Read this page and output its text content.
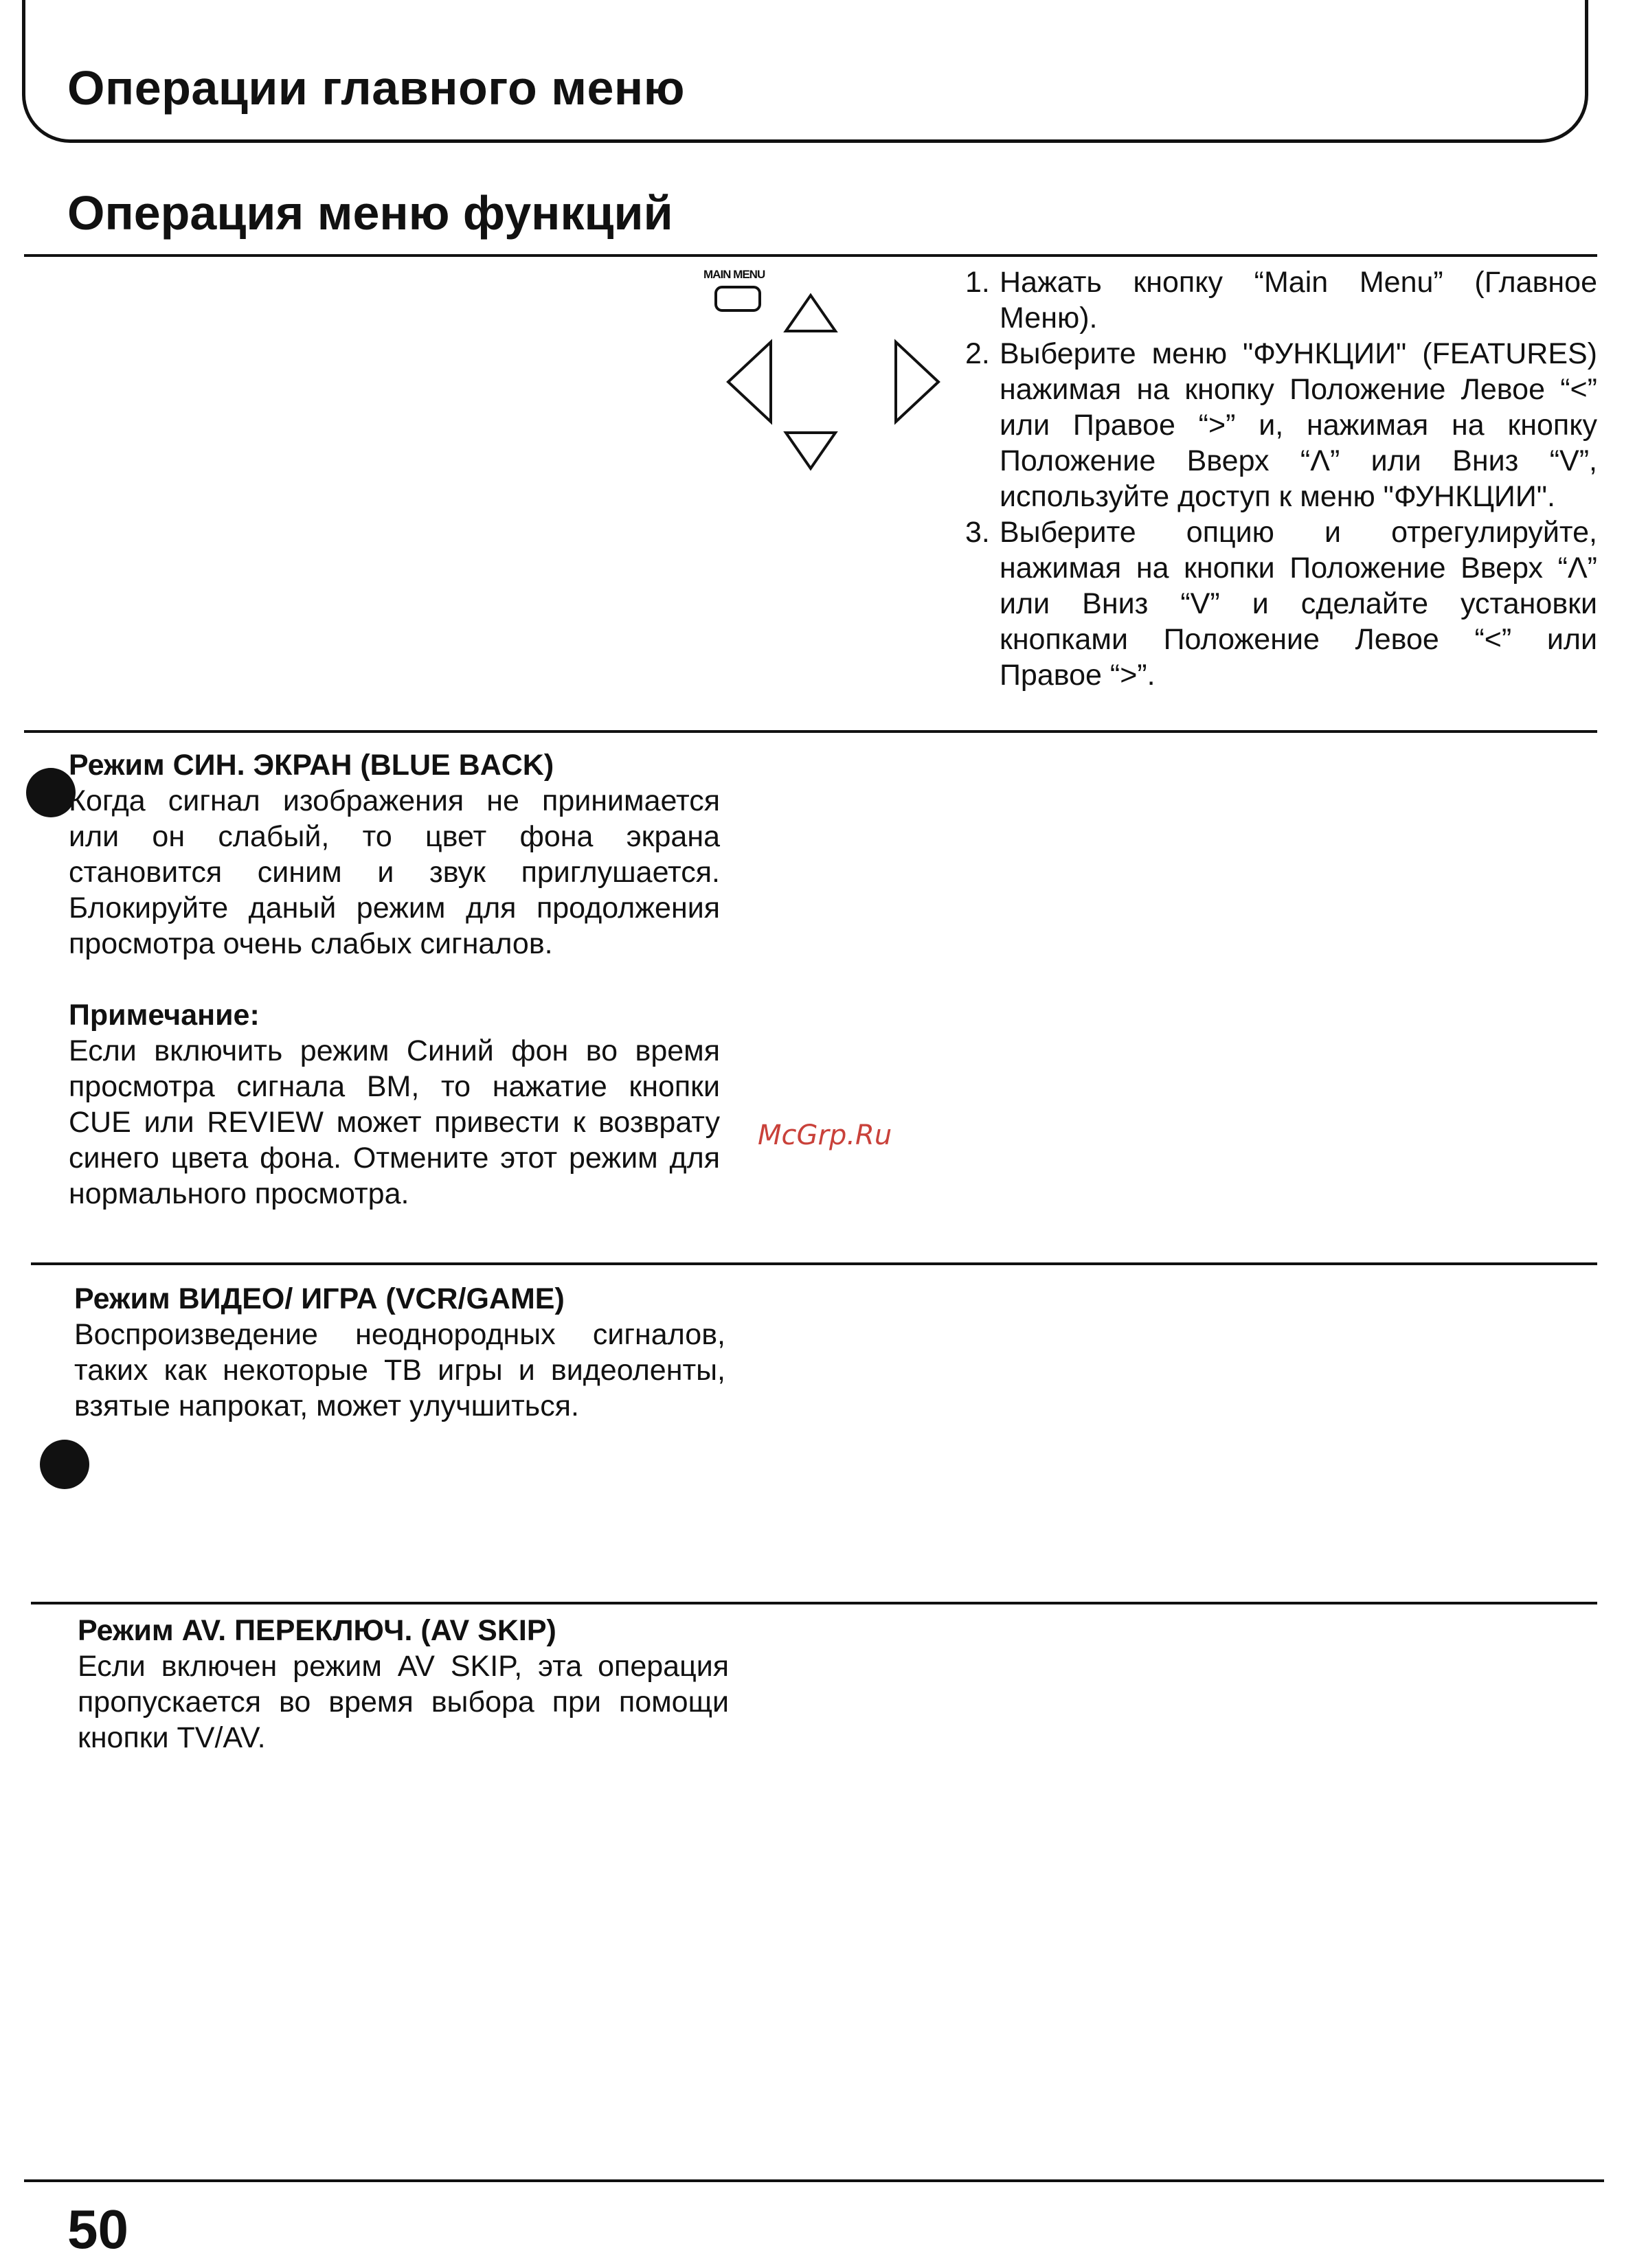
Операции главного меню
Операция меню функций
MAIN MENU	1. Нажать кнопку “Main Menu” (Главное Меню).
2. Выберите меню "ФУНКЦИИ" (FEATURES) нажимая на кнопку Положение Левое “<” или Правое “>” и, нажимая на кнопку Положение Вверх “Λ” или Вниз “V”, используйте доступ к меню "ФУНКЦИИ".
3. Выберите опцию и отрегулируйте, нажимая на кнопки Положение Вверх “Λ” или Вниз “V” и сделайте установки кнопками Положение Левое “<” или Правое “>”.
Режим СИН. ЭКРАН (BLUE BACK)

Когда сигнал изображения не принимается или он слабый, то цвет фона экрана становится синим и звук приглушается. Блокируйте даный режим для продолжения просмотра очень слабых сигналов.

Примечание:

Если включить режим Синий фон во время просмотра сигнала ВМ, то нажатие кнопки CUE или REVIEW может привести к возврату синего цвета фона. Отмените этот режим для нормального просмотра.

McGrp.Ru
Режим ВИДЕО/ ИГРА (VCR/GAME)

Воспроизведение неоднородных сигналов, таких как некоторые ТВ игры и видеоленты, взятые напрокат, может улучшиться.

Режим AV. ПЕРЕКЛЮЧ. (AV SKIP)

Если включен режим AV SKIP, эта операция пропускается во время выбора при помощи кнопки TV/AV.

50
